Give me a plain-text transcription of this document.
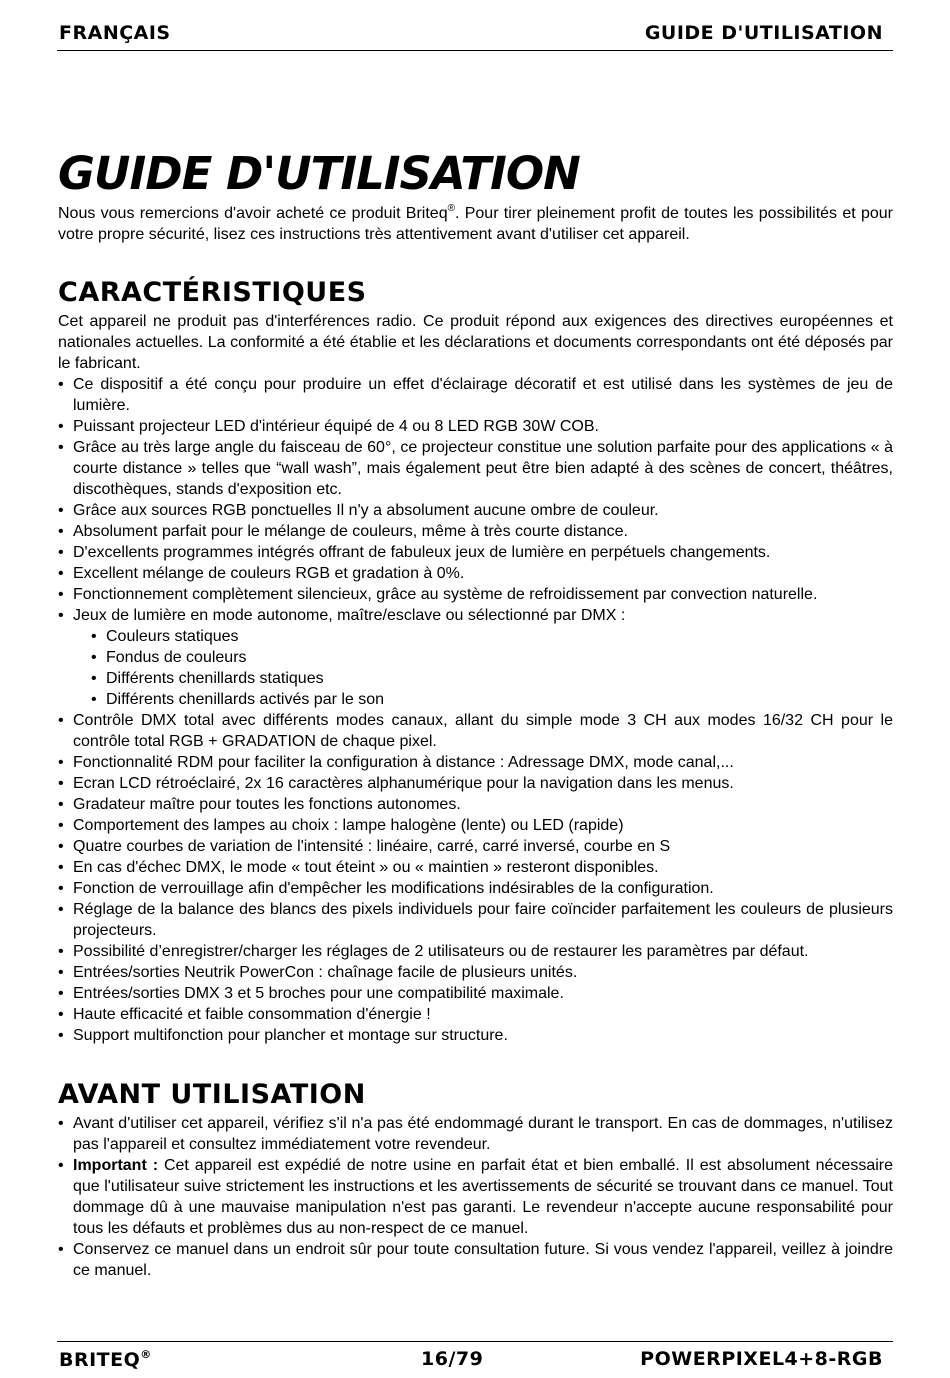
FRANÇAIS	GUIDE D'UTILISATION
GUIDE D'UTILISATION

Nous vous remercions d'avoir acheté ce produit Briteq®. Pour tirer pleinement profit de toutes les possibilités et pour votre propre sécurité, lisez ces instructions très attentivement avant d'utiliser cet appareil.

CARACTÉRISTIQUES

Cet appareil ne produit pas d'interférences radio. Ce produit répond aux exigences des directives européennes et nationales actuelles. La conformité a été établie et les déclarations et documents correspondants ont été déposés par le fabricant.

• Ce dispositif a été conçu pour produire un effet d'éclairage décoratif et est utilisé dans les systèmes de jeu de lumière.
• Puissant projecteur LED d'intérieur équipé de 4 ou 8 LED RGB 30W COB.
• Grâce au très large angle du faisceau de 60°, ce projecteur constitue une solution parfaite pour des applications « à courte distance » telles que “wall wash”, mais également peut être bien adapté à des scènes de concert, théâtres, discothèques, stands d'exposition etc.
• Grâce aux sources RGB ponctuelles Il n'y a absolument aucune ombre de couleur.
• Absolument parfait pour le mélange de couleurs, même à très courte distance.
• D'excellents programmes intégrés offrant de fabuleux jeux de lumière en perpétuels changements.
• Excellent mélange de couleurs RGB et gradation à 0%.
• Fonctionnement complètement silencieux, grâce au système de refroidissement par convection naturelle.
• Jeux de lumière en mode autonome, maître/esclave ou sélectionné par DMX :
• Couleurs statiques
• Fondus de couleurs
• Différents chenillards statiques
• Différents chenillards activés par le son
• Contrôle DMX total avec différents modes canaux, allant du simple mode 3 CH aux modes 16/32 CH pour le contrôle total RGB + GRADATION de chaque pixel.
• Fonctionnalité RDM pour faciliter la configuration à distance : Adressage DMX, mode canal,...
• Ecran LCD rétroéclairé, 2x 16 caractères alphanumérique pour la navigation dans les menus.
• Gradateur maître pour toutes les fonctions autonomes.
• Comportement des lampes au choix : lampe halogène (lente) ou LED (rapide)
• Quatre courbes de variation de l'intensité : linéaire, carré, carré inversé, courbe en S
• En cas d'échec DMX, le mode « tout éteint » ou « maintien » resteront disponibles.
• Fonction de verrouillage afin d'empêcher les modifications indésirables de la configuration.
• Réglage de la balance des blancs des pixels individuels pour faire coïncider parfaitement les couleurs de plusieurs projecteurs.
• Possibilité d’enregistrer/charger les réglages de 2 utilisateurs ou de restaurer les paramètres par défaut.
• Entrées/sorties Neutrik PowerCon : chaînage facile de plusieurs unités.
• Entrées/sorties DMX 3 et 5 broches pour une compatibilité maximale.
• Haute efficacité et faible consommation d'énergie !
• Support multifonction pour plancher et montage sur structure.
AVANT UTILISATION
• Avant d'utiliser cet appareil, vérifiez s'il n'a pas été endommagé durant le transport. En cas de dommages, n'utilisez pas l'appareil et consultez immédiatement votre revendeur.
• Important : Cet appareil est expédié de notre usine en parfait état et bien emballé. Il est absolument nécessaire que l'utilisateur suive strictement les instructions et les avertissements de sécurité se trouvant dans ce manuel. Tout dommage dû à une mauvaise manipulation n'est pas garanti. Le revendeur n'accepte aucune responsabilité pour tous les défauts et problèmes dus au non-respect de ce manuel.
• Conservez ce manuel dans un endroit sûr pour toute consultation future. Si vous vendez l'appareil, veillez à joindre ce manuel.
BRITEQ®	16/79	POWERPIXEL4+8-RGB
